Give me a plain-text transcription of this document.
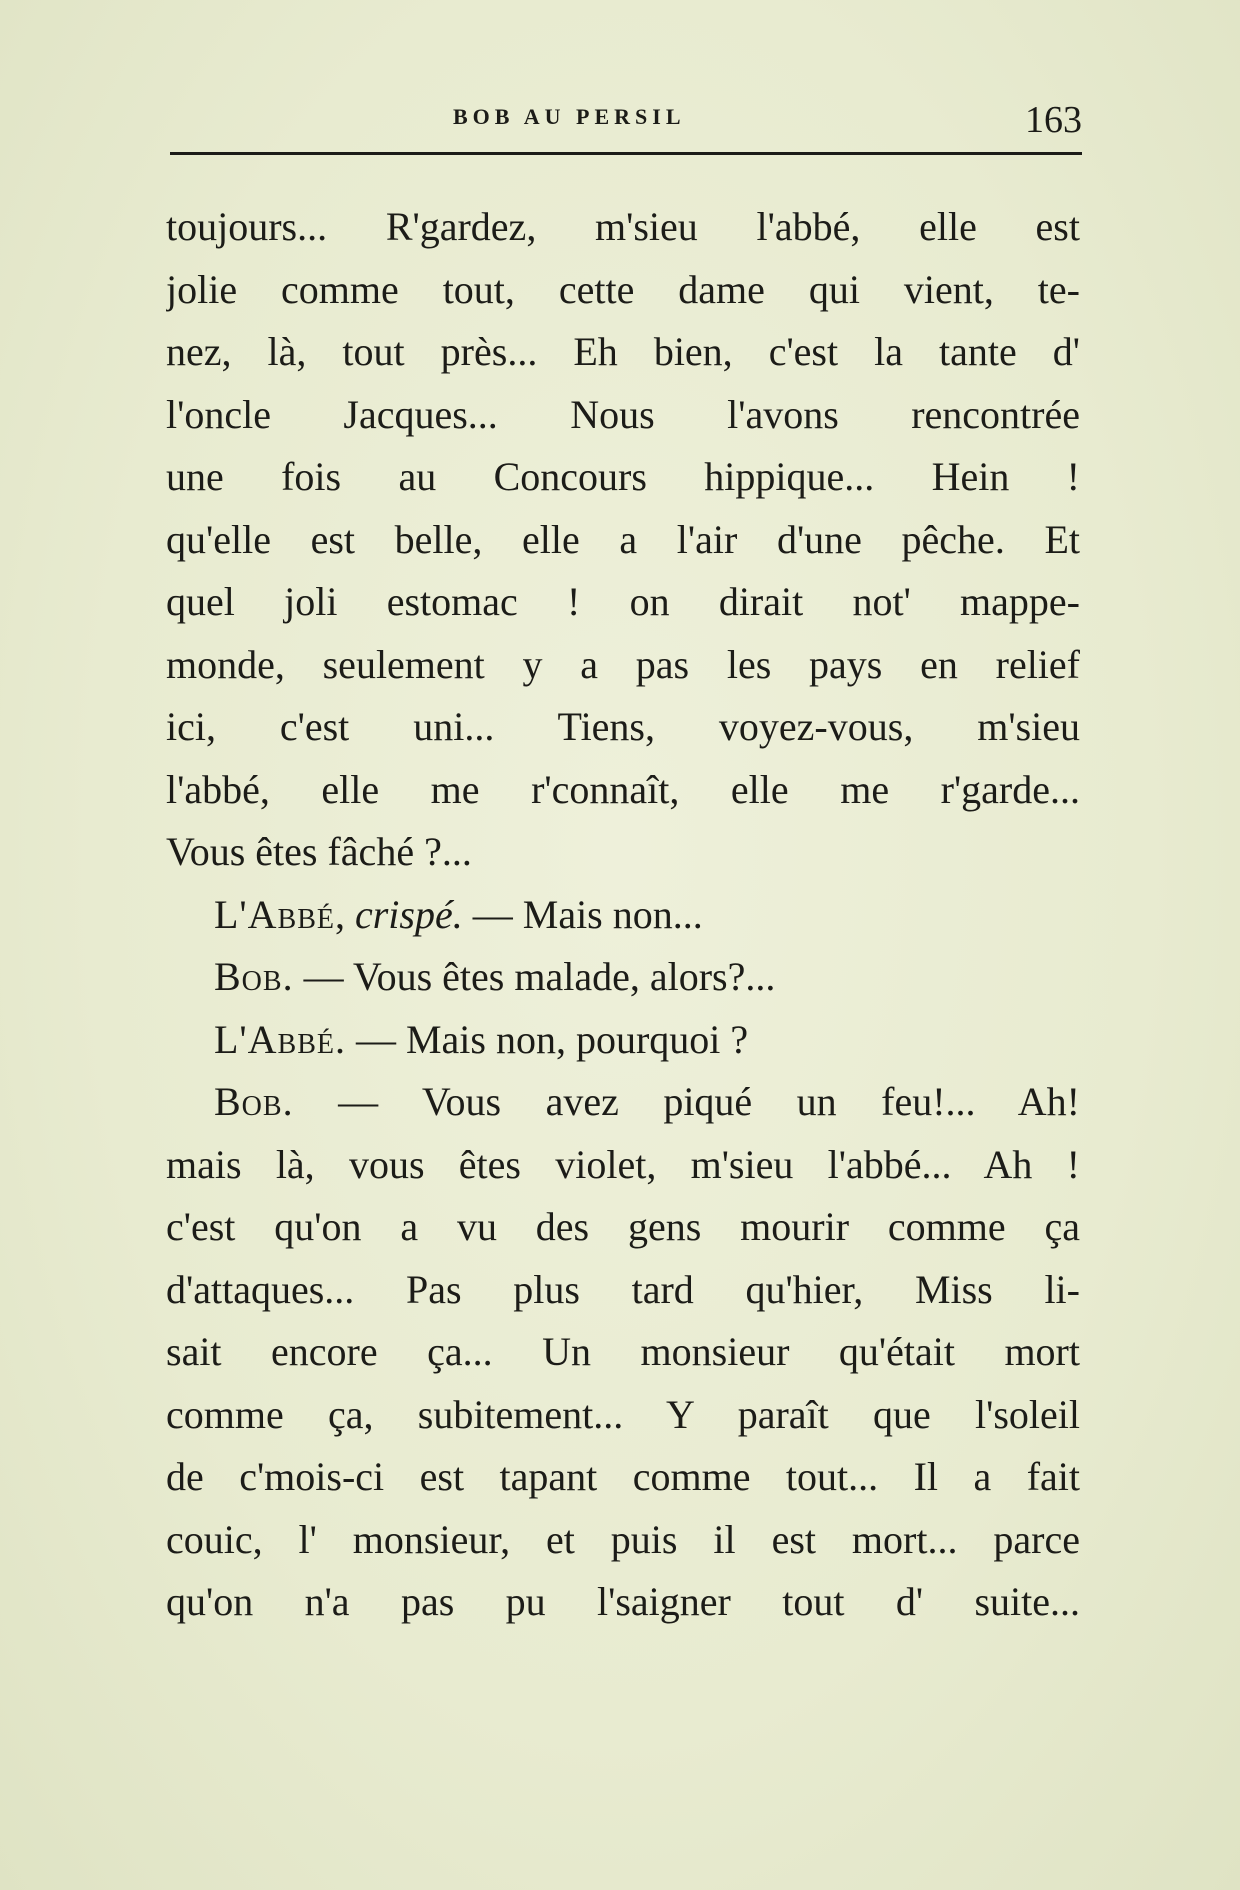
BOB AU PERSIL	163
toujours... R'gardez, m'sieu l'abbé, elle est
jolie comme tout, cette dame qui vient, te-
nez, là, tout près... Eh bien, c'est la tante d'
l'oncle Jacques... Nous l'avons rencontrée
une fois au Concours hippique... Hein !
qu'elle est belle, elle a l'air d'une pêche. Et
quel joli estomac ! on dirait not' mappe-
monde, seulement y a pas les pays en relief
ici, c'est uni... Tiens, voyez-vous, m'sieu
l'abbé, elle me r'connaît, elle me r'garde...
Vous êtes fâché ?...
L'Abbé, crispé. — Mais non...
Bob. — Vous êtes malade, alors?...
L'Abbé. — Mais non, pourquoi ?
Bob. — Vous avez piqué un feu!... Ah!
mais là, vous êtes violet, m'sieu l'abbé... Ah !
c'est qu'on a vu des gens mourir comme ça
d'attaques... Pas plus tard qu'hier, Miss li-
sait encore ça... Un monsieur qu'était mort
comme ça, subitement... Y paraît que l'soleil
de c'mois-ci est tapant comme tout... Il a fait
couic, l' monsieur, et puis il est mort... parce
qu'on n'a pas pu l'saigner tout d' suite...
